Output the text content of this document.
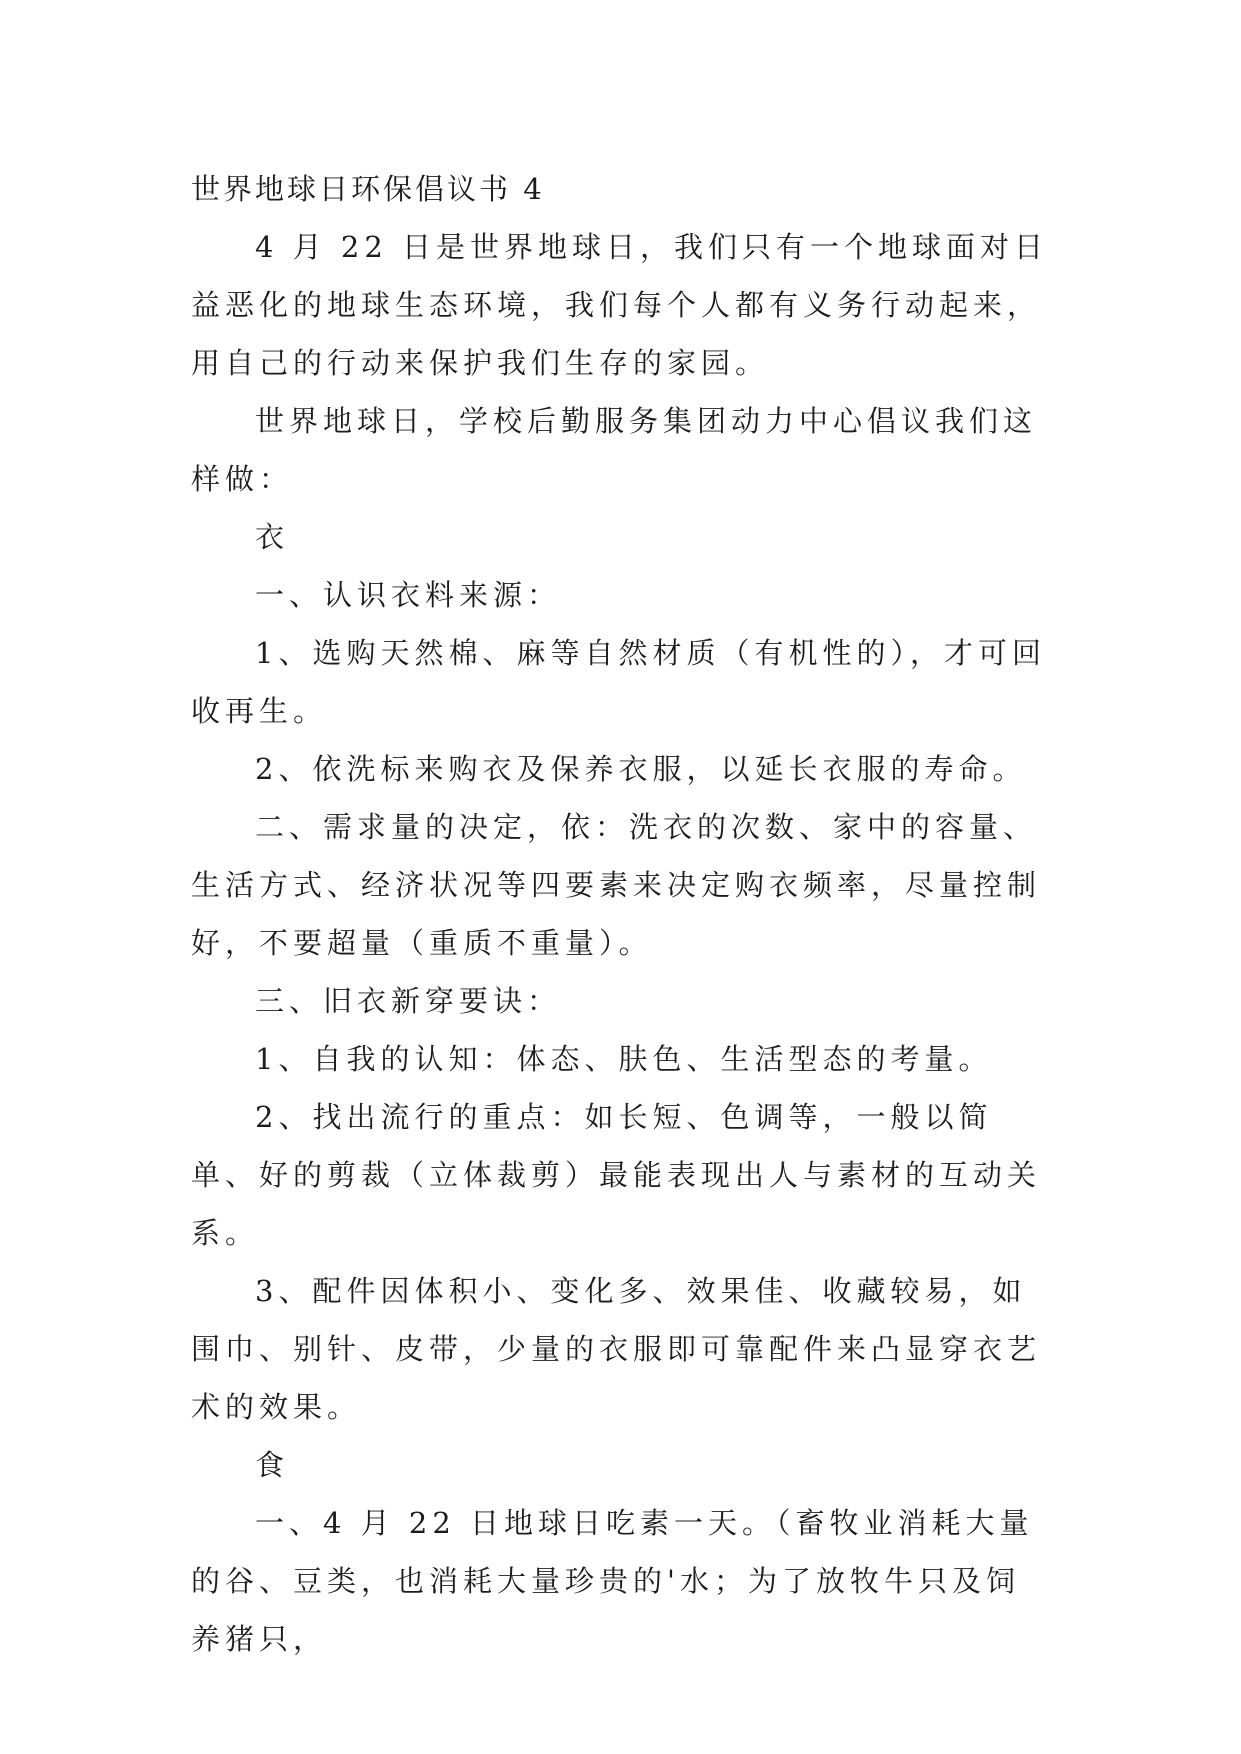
世界地球日环保倡议书 4

4 月 22 日是世界地球日，我们只有一个地球面对日益恶化的地球生态环境，我们每个人都有义务行动起来，用自己的行动来保护我们生存的家园。

世界地球日，学校后勤服务集团动力中心倡议我们这样做：

衣

一、认识衣料来源：

1、选购天然棉、麻等自然材质（有机性的），才可回收再生。

2、依洗标来购衣及保养衣服，以延长衣服的寿命。

二、需求量的决定，依：洗衣的次数、家中的容量、生活方式、经济状况等四要素来决定购衣频率，尽量控制好，不要超量（重质不重量）。

三、旧衣新穿要诀：

1、自我的认知：体态、肤色、生活型态的考量。

2、找出流行的重点：如长短、色调等，一般以简单、好的剪裁（立体裁剪）最能表现出人与素材的互动关系。

3、配件因体积小、变化多、效果佳、收藏较易，如围巾、别针、皮带，少量的衣服即可靠配件来凸显穿衣艺术的效果。

食

一、4 月 22 日地球日吃素一天。（畜牧业消耗大量的谷、豆类，也消耗大量珍贵的'水；为了放牧牛只及饲养猪只，
